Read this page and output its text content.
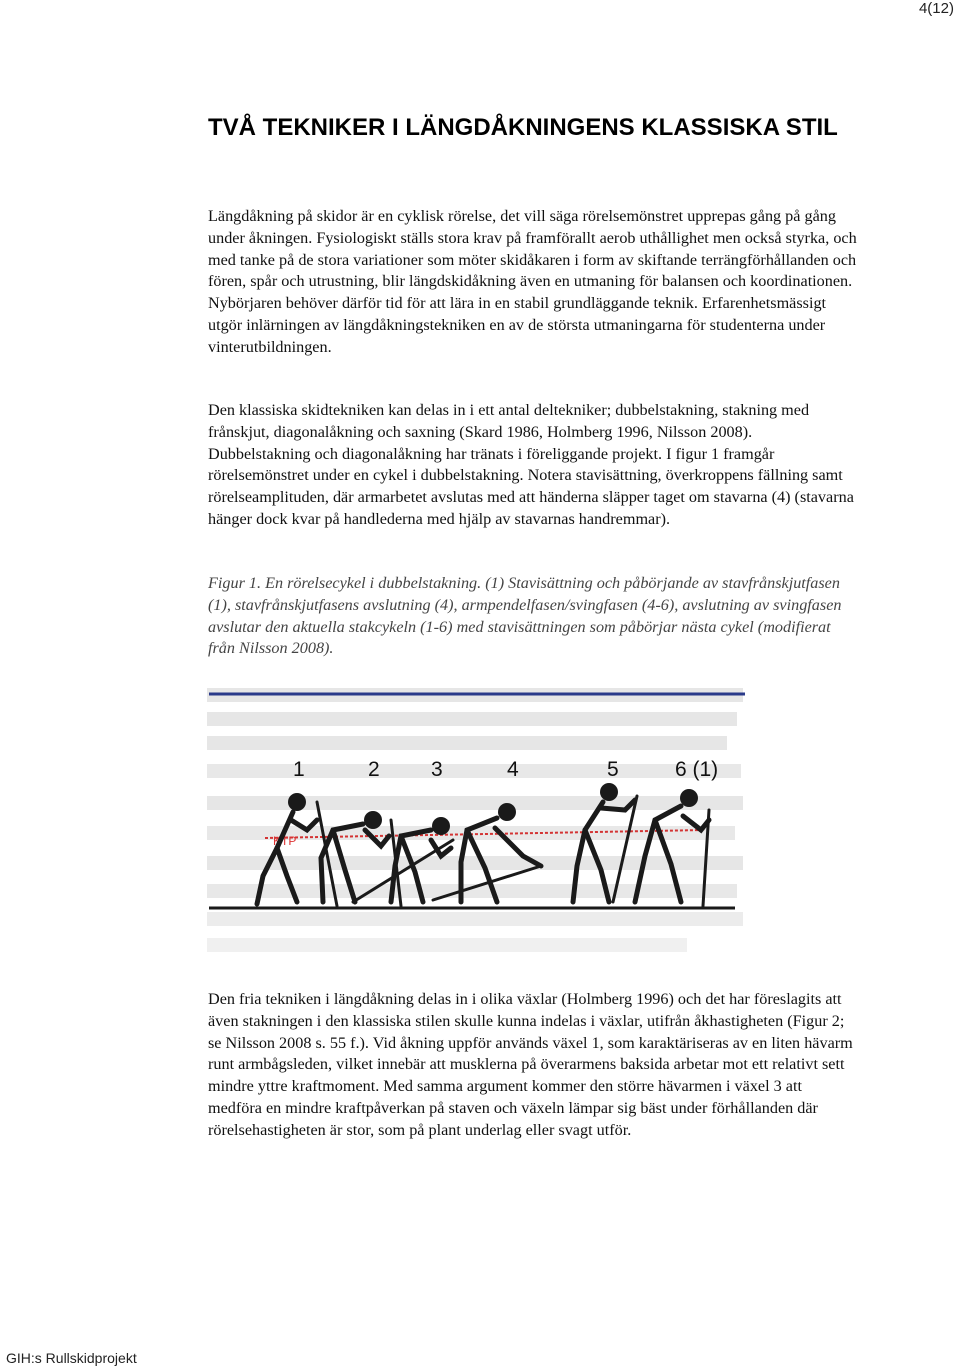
4(12)
TVÅ TEKNIKER I LÄNGDÅKNINGENS KLASSISKA STIL

Längdåkning på skidor är en cyklisk rörelse, det vill säga rörelsemönstret upprepas gång på gång under åkningen. Fysiologiskt ställs stora krav på framförallt aerob uthållighet men också styrka, och med tanke på de stora variationer som möter skidåkaren i form av skiftande terrängförhållanden och fören, spår och utrustning, blir längdskidåkning även en utmaning för balansen och koordinationen. Nybörjaren behöver därför tid för att lära in en stabil grundläggande teknik. Erfarenhetsmässigt utgör inlärningen av längdåkningstekniken en av de största utmaningarna för studenterna under vinterutbildningen.

Den klassiska skidtekniken kan delas in i ett antal deltekniker; dubbelstakning, stakning med frånskjut, diagonalåkning och saxning (Skard 1986, Holmberg 1996, Nilsson 2008). Dubbelstakning och diagonalåkning har tränats i föreliggande projekt. I figur 1 framgår rörelsemönstret under en cykel i dubbelstakning. Notera stavisättning, överkroppens fällning samt rörelseamplituden, där armarbetet avslutas med att händerna släpper taget om stavarna (4) (stavarna hänger dock kvar på handlederna med hjälp av stavarnas handremmar).

Figur 1. En rörelsecykel i dubbelstakning. (1) Stavisättning och påbörjande av stavfrånskjutfasen (1), stavfrånskjutfasens avslutning (4), armpendelfasen/svingfasen (4-6), avslutning av svingfasen avslutar den aktuella stakcykeln (1-6) med stavisättningen som påbörjar nästa cykel (modifierat från Nilsson 2008).

1	2 3	4	5	6 (1)
KTP

Den fria tekniken i längdåkning delas in i olika växlar (Holmberg 1996) och det har föreslagits att även stakningen i den klassiska stilen skulle kunna indelas i växlar, utifrån åkhastigheten (Figur 2; se Nilsson 2008 s. 55 f.). Vid åkning uppför används växel 1, som karaktäriseras av en liten hävarm runt armbågsleden, vilket innebär att musklerna på överarmens baksida arbetar mot ett relativt sett mindre yttre kraftmoment. Med samma argument kommer den större hävarmen i växel 3 att medföra en mindre kraftpåverkan på staven och växeln lämpar sig bäst under förhållanden där rörelsehastigheten är stor, som på plant underlag eller svagt utför.

GIH:s Rullskidprojekt
